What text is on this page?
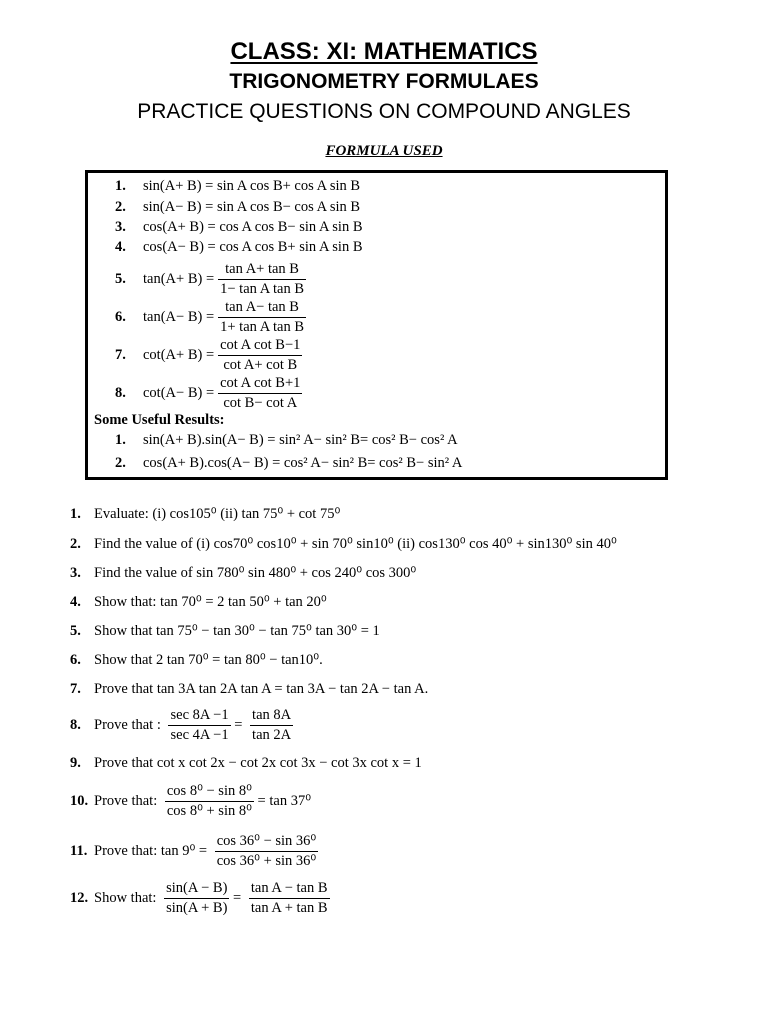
CLASS: XI: MATHEMATICS
TRIGONOMETRY FORMULAES
PRACTICE QUESTIONS ON COMPOUND ANGLES
FORMULA USED
1. sin(A+ B) = sin A cos B+ cos A sin B
2. sin(A− B) = sin A cos B− cos A sin B
3. cos(A+ B) = cos A cos B− sin A sin B
4. cos(A− B) = cos A cos B+ sin A sin B
5. $\tan(A+ B) = \frac{\text{tan A+ tan B}}{\text{1− tan A tan B}}$
6. $\tan(A- B) = \frac{\text{tan A− tan B}}{\text{1+ tan A tan B}}$
7. $\cot(A+ B) = \frac{\text{cot A cot B−1}}{\text{cot A+ cot B}}$
8. $\cot(A- B) = \frac{\text{cot A cot B+1}}{\text{cot B− cot A}}$
Some Useful Results:
1. sin(A+ B).sin(A− B) = sin² A− sin² B= cos² B− cos² A
2. cos(A+ B).cos(A− B) = cos² A− sin² B= cos² B− sin² A
1. Evaluate: (i) cos105⁰ (ii) tan 75⁰ + cot 75⁰
2. Find the value of (i) cos70⁰ cos10⁰ + sin 70⁰ sin10⁰ (ii) cos130⁰ cos 40⁰ + sin130⁰ sin 40⁰
3. Find the value of sin 780⁰ sin 480⁰ + cos 240⁰ cos 300⁰
4. Show that: tan 70⁰ = 2 tan 50⁰ + tan 20⁰
5. Show that tan 75⁰ − tan 30⁰ − tan 75⁰ tan 30⁰ = 1
6. Show that 2 tan 70⁰ = tan 80⁰ − tan10⁰.
7. Prove that tan 3A tan 2A tan A = tan 3A − tan 2A − tan A.
8. Prove that : $\frac{\sec 8A -1}{\sec 4A -1} = \frac{\tan 8A}{\tan 2A}$
9. Prove that cot x cot 2x − cot 2x cot 3x − cot 3x cot x = 1
10. Prove that: $\frac{\text{cos 8⁰ − sin 8⁰}}{\text{cos 8⁰ + sin 8⁰}} = \tan 37^0$
11. Prove that: $\tan 9^0 = \frac{\text{cos 36⁰ − sin 36⁰}}{\text{cos 36⁰ + sin 36⁰}}$
12. Show that: $\frac{\sin(A - B)}{\sin(A + B)} = \frac{\text{tan A − tan B}}{\text{tan A + tan B}}$
